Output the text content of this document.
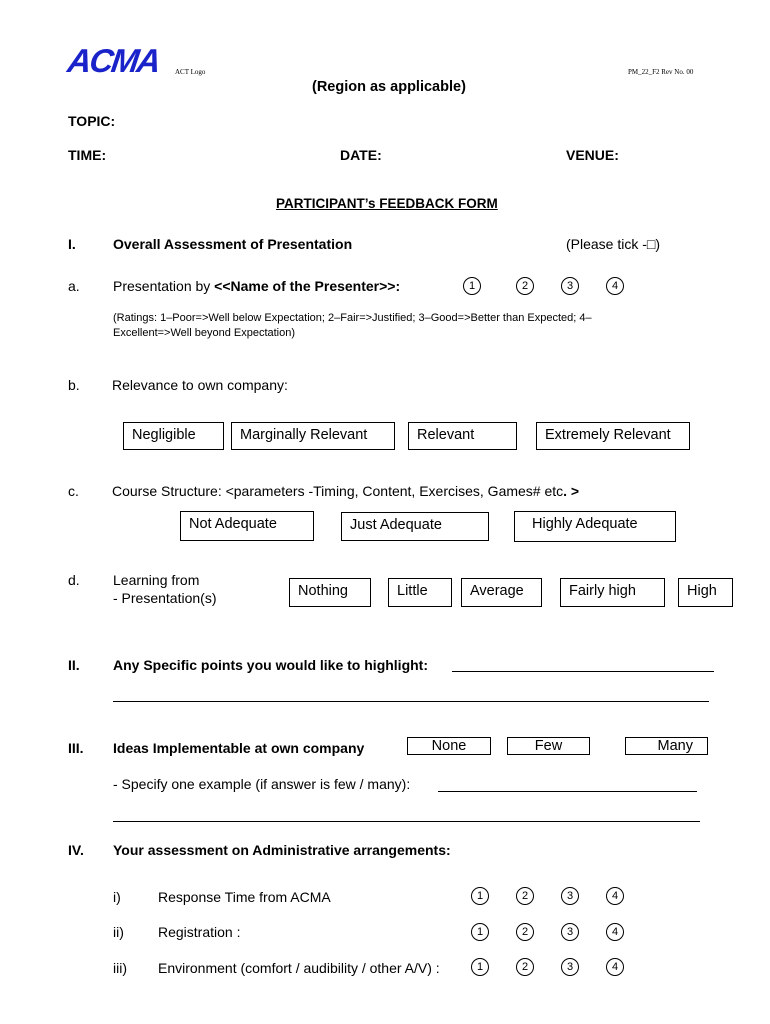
ACMA ACT Logo	PM_22_F2 Rev No. 00
(Region as applicable)
TOPIC:
TIME:	DATE:	VENUE:
PARTICIPANT’s FEEDBACK FORM
I.	Overall Assessment of Presentation	(Please tick -□)
a. Presentation by <<Name of the Presenter>>:	1	2	3	4
(Ratings: 1–Poor=>Well below Expectation; 2–Fair=>Justified; 3–Good=>Better than Expected; 4–
Excellent=>Well beyond Expectation)
b. Relevance to own company:
Negligible	Marginally Relevant	Relevant	Extremely Relevant
c. Course Structure: <parameters -Timing, Content, Exercises, Games# etc. >
Not Adequate	Just Adequate	Highly Adequate
d. Learning from
- Presentation(s)	Nothing	Little	Average	Fairly high	High
II. Any Specific points you would like to highlight:
III. Ideas Implementable at own company	None	Few	Many
- Specify one example (if answer is few / many):
IV. Your assessment on Administrative arrangements:
i)	Response Time from ACMA	1	2	3	4
ii) Registration :	1	2	3	4
iii) Environment (comfort / audibility / other A/V) :	1	2	3	4
